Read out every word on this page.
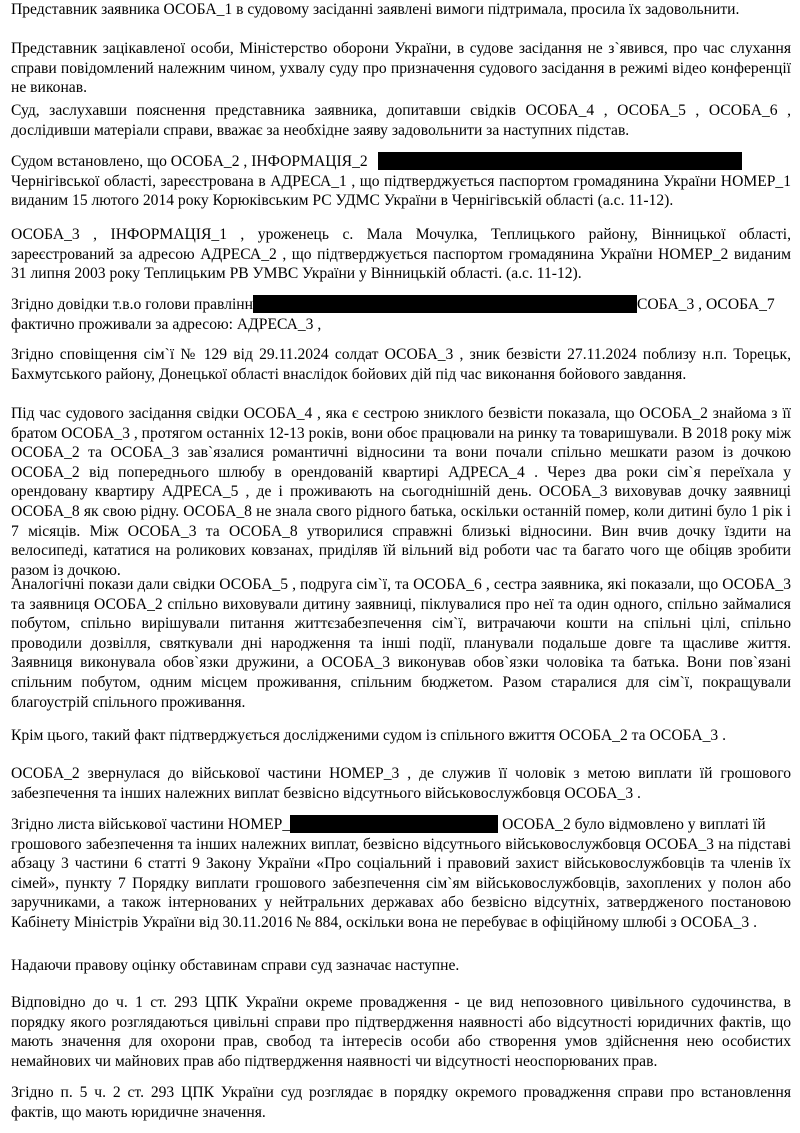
Представник заявника ОСОБА_1 в судовому засіданні заявлені вимоги підтримала, просила їх задовольнити.

Представник зацікавленої особи, Міністерство оборони України, в судове засідання не з`явився, про час слухання справи повідомлений належним чином, ухвалу суду про призначення судового засідання в режимі відео конференції не виконав.

Суд, заслухавши пояснення представника заявника, допитавши свідків ОСОБА_4 , ОСОБА_5 , ОСОБА_6 , дослідивши матеріали справи, вважає за необхідне заяву задовольнити за наступних підстав.

Судом встановлено, що ОСОБА_2 , ІНФОРМАЦІЯ_2
Чернігівської області, зареєстрована в АДРЕСА_1 , що підтверджується паспортом громадянина України НОМЕР_1 виданим 15 лютого 2014 року Корюківським РС УДМС України в Чернігівській області (а.с. 11-12).

ОСОБА_3 , ІНФОРМАЦІЯ_1 , уроженець с. Мала Мочулка, Теплицького району, Вінницької області, зареєстрований за адресою АДРЕСА_2 , що підтверджується паспортом громадянина України НОМЕР_2 виданим 31 липня 2003 року Теплицьким РВ УМВС України у Вінницькій області. (а.с. 11-12).

Згідно довідки т.в.о голови правлінн	СОБА_3 , ОСОБА_7
фактично проживали за адресою: АДРЕСА_3 ,

Згідно сповіщення сім`ї № 129 від 29.11.2024 солдат ОСОБА_3 , зник безвісти 27.11.2024 поблизу н.п. Торецьк, Бахмутського району, Донецької області внаслідок бойових дій під час виконання бойового завдання.

Під час судового засідання свідки ОСОБА_4 , яка є сестрою зниклого безвісти показала, що ОСОБА_2 знайома з її братом ОСОБА_3 , протягом останніх 12-13 років, вони обоє працювали на ринку та товаришували. В 2018 року між ОСОБА_2 та ОСОБА_3 зав`язалися романтичні відносини та вони почали спільно мешкати разом із дочкою ОСОБА_2 від попереднього шлюбу в орендованій квартирі АДРЕСА_4 . Через два роки сім`я переїхала у орендовану квартиру АДРЕСА_5 , де і проживають на сьогоднішній день. ОСОБА_3 виховував дочку заявниці ОСОБА_8 як свою рідну. ОСОБА_8 не знала свого рідного батька, оскільки останній помер, коли дитині було 1 рік і 7 місяців. Між ОСОБА_3 та ОСОБА_8 утворилися справжні близькі відносини. Вин вчив дочку їздити на велосипеді, кататися на роликових ковзанах, приділяв їй вільний від роботи час та багато чого ще обіцяв зробити разом із дочкою.

Аналогічні покази дали свідки ОСОБА_5 , подруга сім`ї, та ОСОБА_6 , сестра заявника, які показали, що ОСОБА_3 та заявниця ОСОБА_2 спільно виховували дитину заявниці, піклувалися про неї та один одного, спільно займалися побутом, спільно вирішували питання життєзабезпечення сім`ї, витрачаючи кошти на спільні цілі, спільно проводили дозвілля, святкували дні народження та інші події, планували подальше довге та щасливе життя. Заявниця виконувала обов`язки дружини, а ОСОБА_3 виконував обов`язки чоловіка та батька. Вони пов`язані спільним побутом, одним місцем проживання, спільним бюджетом. Разом старалися для сім`ї, покращували благоустрій спільного проживання.

Крім цього, такий факт підтверджується дослідженими судом із спільного вжиття ОСОБА_2 та ОСОБА_3 .

ОСОБА_2 звернулася до військової частини НОМЕР_3 , де служив її чоловік з метою виплати їй грошового забезпечення та інших належних виплат безвісно відсутнього військовослужбовця ОСОБА_3 .

Згідно листа військової частини НОМЕР_	ОСОБА_2 було відмовлено у виплаті їй
грошового забезпечення та інших належних виплат, безвісно відсутнього військовослужбовця ОСОБА_3 на підставі абзацу 3 частини 6 статті 9 Закону України «Про соціальний і правовий захист військовослужбовців та членів їх сімей», пункту 7 Порядку виплати грошового забезпечення сім`ям військовослужбовців, захоплених у полон або заручниками, а також інтернованих у нейтральних державах або безвісно відсутніх, затвердженого постановою Кабінету Міністрів України від 30.11.2016 № 884, оскільки вона не перебуває в офіційному шлюбі з ОСОБА_3 .

Надаючи правову оцінку обставинам справи суд зазначає наступне.

Відповідно до ч. 1 ст. 293 ЦПК України окреме провадження - це вид непозовного цивільного судочинства, в порядку якого розглядаються цивільні справи про підтвердження наявності або відсутності юридичних фактів, що мають значення для охорони прав, свобод та інтересів особи або створення умов здійснення нею особистих немайнових чи майнових прав або підтвердження наявності чи відсутності неоспорюваних прав.

Згідно п. 5 ч. 2 ст. 293 ЦПК України суд розглядає в порядку окремого провадження справи про встановлення фактів, що мають юридичне значення.
